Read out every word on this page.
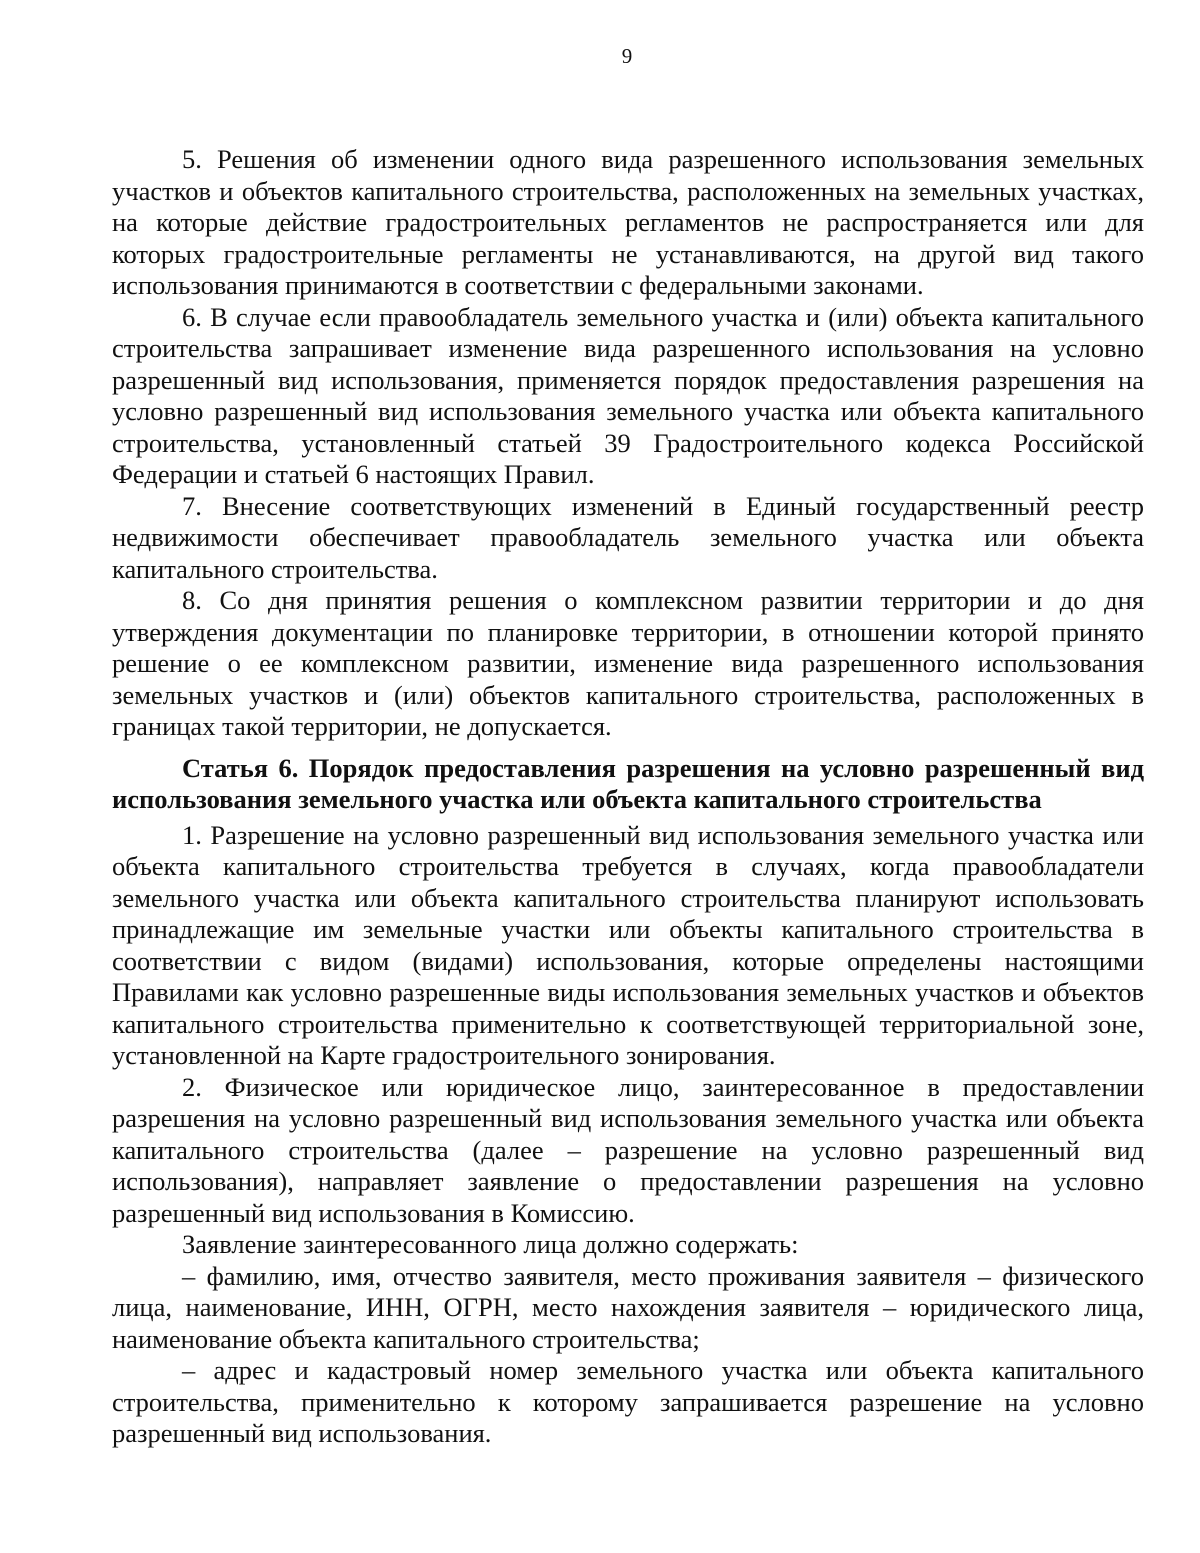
9

5. Решения об изменении одного вида разрешенного использования земельных участков и объектов капитального строительства, расположенных на земельных участках, на которые действие градостроительных регламентов не распространяется или для которых градостроительные регламенты не устанавливаются, на другой вид такого использования принимаются в соответствии с федеральными законами.

6. В случае если правообладатель земельного участка и (или) объекта капитального строительства запрашивает изменение вида разрешенного использования на условно разрешенный вид использования, применяется порядок предоставления разрешения на условно разрешенный вид использования земельного участка или объекта капитального строительства, установленный статьей 39 Градостроительного кодекса Российской Федерации и статьей 6 настоящих Правил.

7. Внесение соответствующих изменений в Единый государственный реестр недвижимости обеспечивает правообладатель земельного участка или объекта капитального строительства.

8. Со дня принятия решения о комплексном развитии территории и до дня утверждения документации по планировке территории, в отношении которой принято решение о ее комплексном развитии, изменение вида разрешенного использования земельных участков и (или) объектов капитального строительства, расположенных в границах такой территории, не допускается.

Статья 6. Порядок предоставления разрешения на условно разрешенный вид использования земельного участка или объекта капитального строительства

1. Разрешение на условно разрешенный вид использования земельного участка или объекта капитального строительства требуется в случаях, когда правообладатели земельного участка или объекта капитального строительства планируют использовать принадлежащие им земельные участки или объекты капитального строительства в соответствии с видом (видами) использования, которые определены настоящими Правилами как условно разрешенные виды использования земельных участков и объектов капитального строительства применительно к соответствующей территориальной зоне, установленной на Карте градостроительного зонирования.

2. Физическое или юридическое лицо, заинтересованное в предоставлении разрешения на условно разрешенный вид использования земельного участка или объекта капитального строительства (далее – разрешение на условно разрешенный вид использования), направляет заявление о предоставлении разрешения на условно разрешенный вид использования в Комиссию.

Заявление заинтересованного лица должно содержать:

– фамилию, имя, отчество заявителя, место проживания заявителя – физического лица, наименование, ИНН, ОГРН, место нахождения заявителя – юридического лица, наименование объекта капитального строительства;

– адрес и кадастровый номер земельного участка или объекта капитального строительства, применительно к которому запрашивается разрешение на условно разрешенный вид использования.
